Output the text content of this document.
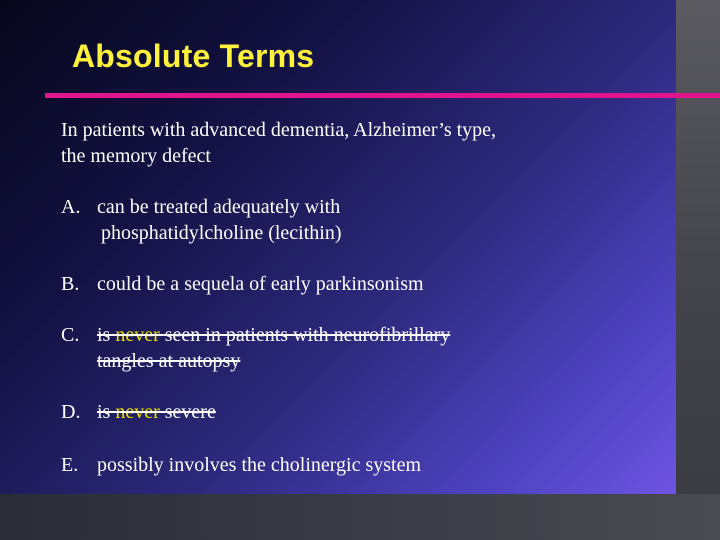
Absolute Terms
In patients with advanced dementia, Alzheimer’s type,
the memory defect
A. can be treated adequately with
phosphatidylcholine (lecithin)
B. could be a sequela of early parkinsonism
C. is never seen in patients with neurofibrillary
   tangles at autopsy
D. is never severe
E. possibly involves the cholinergic system
